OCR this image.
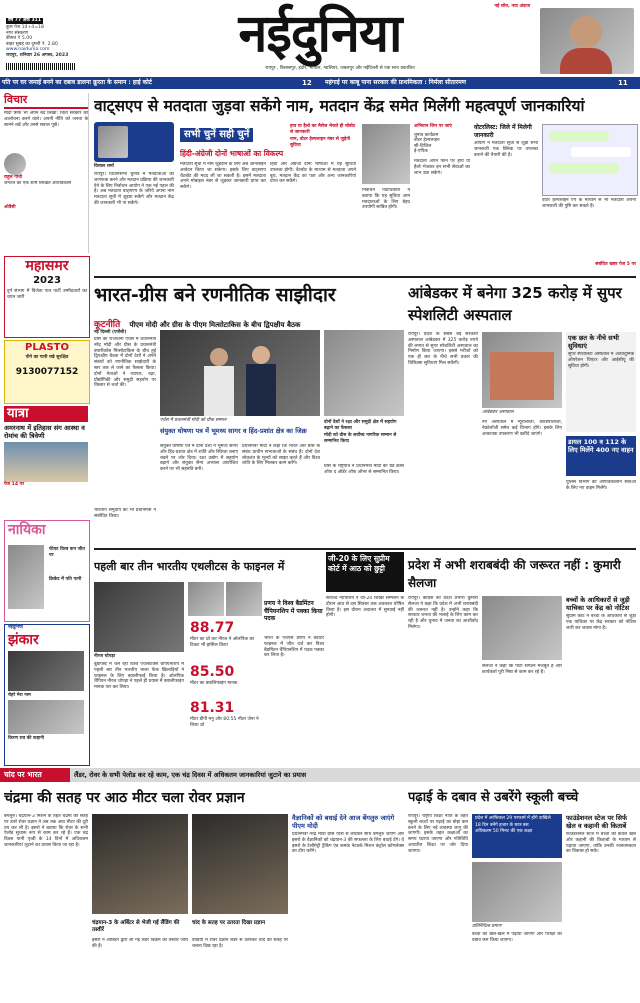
वर्ष 77 अंक 311
कुल पेज 14+4=18
नगर संस्करण
कीमत ₹ 5.00
बाहर सुबह का दुमनी ₹. 2.80
www.naidunia.com
रायपुर, शनिवार 26 अगस्त, 2023	नईदुनिया	नई सोच, नया अंदाज
रायपुर , बिलासपुर, इंदौर, भोपाल, ग्वालियर, जबलपुर और नईदिल्ली से एक साथ प्रकाशित
पति पर घर जमाई बनने का दबाव डालना क्रूरता के समान : हाई कोर्ट	12	महंगाई पर काबू पाना सरकार की प्राथमिकता : निर्मला सीतारमण	11
विचार
मोदी सिर्फ भी अपने बंद लिखा: चिंता सरकार की आलोचना करने वाले। अपनी नीति को जनता के सामने रखें और उनसे सवाल पूछें।
राहुल गांधी
जनतंत्र का एक शीर्ष लिखित अधिविकास
ओवैसी
महासमर
2023
दुर्ग संभाग में विजेता पात्र पार्टी उम्मीदवारों का चयन जारी
PLASTO
पीने का पानी रखे सुरक्षित
9130077152
यात्रा
अमरनाथ में इतिहास संग आस्था व रोमांच की त्रिवेणी
पेज 14 पर
नायिका
फीफा विश्व कप जीत पर
क्रिकेट में पति पत्नी
नईदुनिया
झंकार
चेहरे मेरा नाम
किरण राव की कहानी
वाट्सएप से मतदाता जुड़वा सकेंगे नाम, मतदान केंद्र समेत मिलेंगी महत्वपूर्ण जानकारियां
विशाल शर्मा
रायपुर। विधानसभा चुनाव में मतदाताओं को जागरूक करने और मतदान प्रक्रिया की जानकारी देने के लिए निर्वाचन आयोग ने एक नई पहल की है। अब मतदाता वाट्सएप के जरिये अपना नाम मतदाता सूची में जुड़वा सकेंगे और मतदान केंद्र की जानकारी भी पा सकेंगे।
सभी चुनें सही चुनें
हिंदी-अंग्रेजी दोनों भाषाओं का विकल्प
मतदाता सूची में नाम जुड़वाने के लिए अब ऑनलाइन आवेदन किया जा सकेगा। इसके लिए वाट्सएप चैटबोट की मदद ली जा सकती है। इसमें मतदाता अपने मोबाइल नंबर से जुड़कर जानकारी प्राप्त कर सकेंगे।
हिंदी और अंग्रेजी दोनों भाषाओं में यह सुविधा उपलब्ध होगी। चैटबोट के माध्यम से मतदाता अपने बूथ, मतदान केंद्र का पता और अन्य जानकारियां प्राप्त कर सकेंगे।
हाय या हैलो का मैसेज भेजते ही चोबोट से जानकारी
नाम, वोटर हेल्पलाइन नंबर से जुड़ेगी सुविधा
निर्वाचन पदाधिकारी ने बताया कि यह सुविधा आम मतदाताओं के लिए बेहद उपयोगी साबित होगी।
अभियान जिन पर जाएं
चुनाव कार्यक्रम
वोटर हेल्पलाइन
सी-विजिल
ई-एपिक
मतदाता अपने फोन पर हाय या हैलो भेजकर इन सभी सेवाओं का लाभ उठा सकेंगे।
वोटरलिस्ट: जिले में मिलेगी जानकारी
आयोग ने मतदाता सूची से जुड़ी सभी जानकारी एक क्लिक पर उपलब्ध कराने की तैयारी की है।
वोटर हेल्पलाइन ऐप के माध्यम से भी मतदाता अपनी जानकारी की पुष्टि कर सकते हैं।
संबंधित खबर पेज 5 पर
भारत-ग्रीस बने रणनीतिक साझीदार
कूटनीति पीएम मोदी और ग्रीस के पीएम मित्सोटाकिस के बीच द्विपक्षीय बैठक
नई दिल्ली (एजेंसी)
ग्रीस की राजधानी एथेंस में प्रधानमंत्री नरेंद्र मोदी और ग्रीस के प्रधानमंत्री क्यारीकोस मित्सोटाकिस के बीच हुई द्विपक्षीय बैठक में दोनों देशों ने अपने संबंधों को रणनीतिक साझेदारी के स्तर तक ले जाने का फैसला किया। दोनों नेताओं ने व्यापार, रक्षा, प्रौद्योगिकी और समुद्री सहयोग पर विस्तार से चर्चा की।
एथेंस में प्रधानमंत्री मोदी को ग्रीक सम्मान	दोनों देशों ने रक्षा और समुद्री क्षेत्र में सहयोग बढ़ाने का फैसला
मोदी को ग्रीस के सर्वोच्च नागरिक सम्मान से सम्मानित किया
संयुक्त घोषणा पत्र में भूमध्य सागर व हिंद-प्रशांत क्षेत्र का जिक्र
संयुक्त घोषणा पत्र में दोनों देशों ने भूमध्य सागर और हिंद-प्रशांत क्षेत्र में शांति और स्थिरता बनाए रखने पर जोर दिया। रक्षा उद्योग में सहयोग बढ़ाने और संयुक्त सैन्य अभ्यास आयोजित करने पर भी सहमति बनी।
प्रधानमंत्री मोदी ने कहा कि भारत और ग्रीस के संबंध प्राचीन सभ्यताओं के संबंध हैं। दोनों देश लोकतंत्र के मूल्यों को साझा करते हैं और विश्व शांति के लिए मिलकर काम करेंगे।
ग्रीस के राष्ट्रपति ने प्रधानमंत्री मोदी को ग्रैंड क्रॉस ऑफ द ऑर्डर ऑफ ऑनर से सम्मानित किया।
भारतीय समुदाय को भी प्रधानमंत्री ने संबोधित किया।
आंबेडकर में बनेगा 325 करोड़ में सुपर स्पेशलिटी अस्पताल
रायपुर। प्रदेश के सबसे बड़े सरकारी अस्पताल आंबेडकर में 325 करोड़ रुपये की लागत से सुपर स्पेशलिटी अस्पताल का निर्माण किया जाएगा। इससे मरीजों को एक ही छत के नीचे सभी प्रकार की चिकित्सा सुविधाएं मिल सकेंगी।
आंबेडकर अस्पताल
नए अस्पताल में न्यूरोलॉजी, कार्डियोलॉजी, नेफ्रोलॉजी समेत कई विभाग होंगे। इसके लिए आवश्यक उपकरण भी खरीदे जाएंगे।
एक छत के नीचे सभी सुविधाएं
सुपर स्पेशलिटी अस्पताल में अत्याधुनिक ऑपरेशन थिएटर और आईसीयू की सुविधा होगी।
डायल 100 व 112 के लिए मिलेंगे 400 नए वाहन
पुलिस विभाग को आपातकालीन सेवाओं के लिए नए वाहन मिलेंगे।
पहली बार तीन भारतीय एथलीटस के फाइनल में
जी-20 के लिए सुप्रीम कोर्ट में आठ को छुट्टी
नीरज चोपड़ा
88.77
मीटर का थ्रो कर नीरज ने ओलंपिक का टिकट भी हासिल किया
85.50
मीटर का क्वालिफाइंग मानक
81.31
मीटर डीपी मनु और 80.55 मीटर जेना ने किया थ्रो
बुडापेस्ट में चल रही विश्व एथलेटिक्स चैंपियनशिप में पहली बार तीन भारतीय भाला फेंक खिलाड़ियों ने फाइनल के लिए क्वालीफाई किया है। ओलंपिक चैंपियन नीरज चोपड़ा ने पहले ही प्रयास में क्वालीफाइंग मानक पार कर लिया।
प्रणय ने विश्व बैडमिंटन चैंपियनशिप में पक्का किया पदक
भारत के एचएस प्रणय ने क्वार्टर फाइनल में जीत दर्ज कर विश्व बैडमिंटन चैंपियनशिप में पदक पक्का कर लिया है।
सर्वोच्च न्यायालय ने जी-20 शिखर सम्मेलन के दौरान आठ से दस सितंबर तक अवकाश घोषित किया है। इस दौरान अदालत में सुनवाई नहीं होगी।
प्रदेश में अभी शराबबंदी की जरूरत नहीं : कुमारी सैलजा
रायपुर। कांग्रेस की प्रदेश प्रभारी कुमारी सैलजा ने कहा कि प्रदेश में अभी शराबबंदी की जरूरत नहीं है। उन्होंने कहा कि सरकार जनता की भलाई के लिए काम कर रही है और चुनाव में जनता का आशीर्वाद मिलेगा।
सैलजा ने कहा कि पार्टी संगठन मजबूत है और कार्यकर्ता पूरी निष्ठा से काम कर रहे हैं।
बच्चों के आधिकारों से जुड़ी याचिका पर केंद्र को नोटिस
सुप्रीम कोर्ट ने बच्चों के अधिकारों से जुड़ी एक याचिका पर केंद्र सरकार को नोटिस जारी कर जवाब मांगा है।
चांद पर भारत	लैंडर, रोवर के सभी पेलोड कर रहे काम, एक चंद्र दिवस में अधिकतम जानकारियां जुटाने का प्रयास
चंद्रमा की सतह पर आठ मीटर चला रोवर प्रज्ञान
बेंगलुरु। चंद्रयान-3 मिशन के तहत चंद्रमा की सतह पर उतरे रोवर प्रज्ञान ने अब तक आठ मीटर की दूरी तय कर ली है। इसरो ने बताया कि रोवर के सभी पेलोड सुचारू रूप से काम कर रहे हैं। एक चंद्र दिवस यानी पृथ्वी के 14 दिनों में अधिकतम जानकारियां जुटाने का प्रयास किया जा रहा है।
चंद्रयान-3 के अर्बिटर से भेजी गई लैंडिंग की तस्वीरें
इसरो ने ऑर्बिटर द्वारा ली गई लैंडर विक्रम की तस्वीरें जारी की हैं।
चांद के सतह पर उतरता दिखा प्रज्ञान
वीडियो में रोवर प्रज्ञान लैंडर से उतरकर चांद की सतह पर चलता दिख रहा है।
वैज्ञानिकों को बधाई देने आज बेंगलुरु जाएंगे पीएम मोदी
प्रधानमंत्री नरेंद्र मोदी ग्रीस यात्रा से लौटकर सीधे बेंगलुरु जाएंगे और इसरो के वैज्ञानिकों को चंद्रयान-3 की सफलता के लिए बधाई देंगे। वे इसरो के टेलीमेट्री ट्रैकिंग एंड कमांड नेटवर्क मिशन कंट्रोल कॉम्प्लेक्स का दौरा करेंगे।
पढ़ाई के दबाव से उबरेंगे स्कूली बच्चे
रायपुर। राष्ट्रीय शिक्षा नीति के तहत स्कूली बच्चों पर पढ़ाई का बोझ कम करने के लिए नई व्यवस्था लागू की जाएगी। इसके तहत कक्षाओं का समय घटाया जाएगा और गतिविधि आधारित शिक्षा पर जोर दिया जाएगा।
प्रदेश में आफिकल 29 परफार्म में होंगे दाखिले
18 दिन बनेंगे हजार के छात्र बस
अधिकतम 50 मिनट की एक कक्षा
प्रतिनिधित्व प्रमाण
बच्चों को खेल-खेल में पढ़ाया जाएगा और परीक्षा का दबाव कम किया जाएगा।
फाउंडेशनल स्टेज पर सिर्फ खेल व कहानी की किताबें
फाउंडेशनल स्टेज में बच्चों को केवल खेल और कहानी की किताबों के माध्यम से पढ़ाया जाएगा, ताकि उनकी रचनात्मकता का विकास हो सके।
